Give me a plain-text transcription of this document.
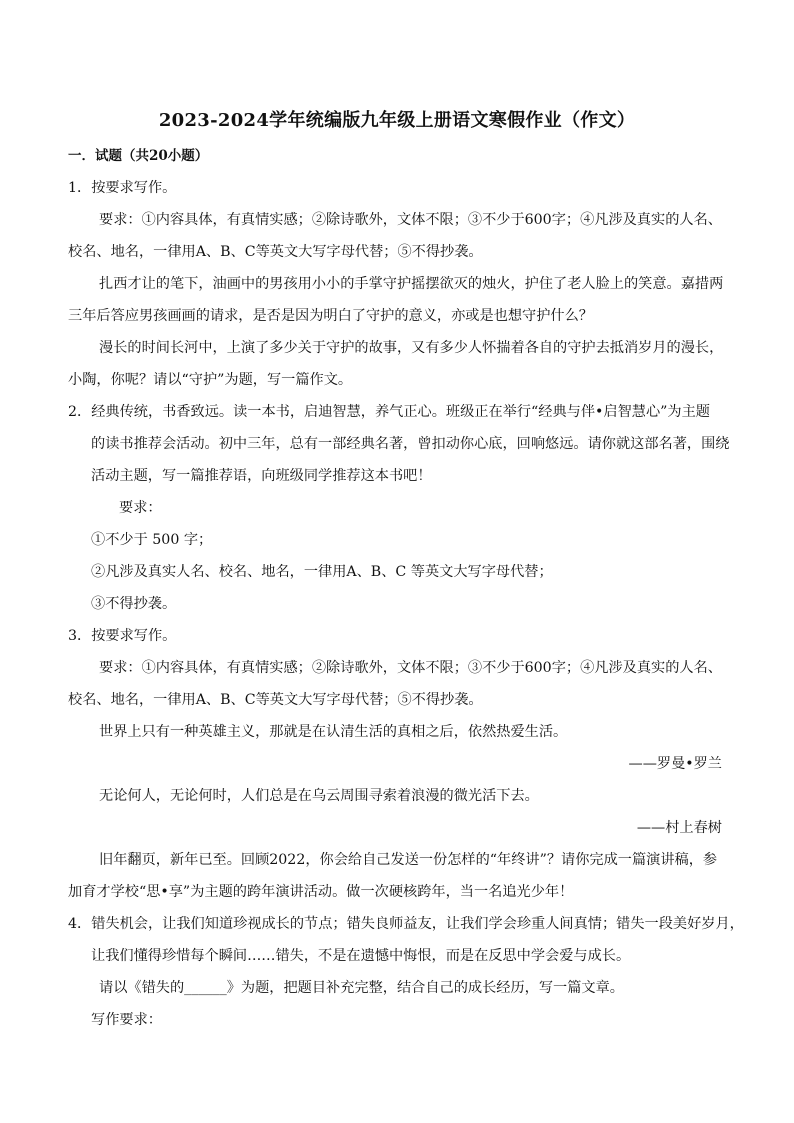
2023-2024学年统编版九年级上册语文寒假作业（作文）
一．试题（共20小题）
1．按要求写作。
要求：①内容具体，有真情实感；②除诗歌外，文体不限；③不少于600字；④凡涉及真实的人名、
校名、地名，一律用A、B、C等英文大写字母代替；⑤不得抄袭。
扎西才让的笔下，油画中的男孩用小小的手掌守护摇摆欲灭的烛火，护住了老人脸上的笑意。嘉措两
三年后答应男孩画画的请求，是否是因为明白了守护的意义，亦或是也想守护什么？
漫长的时间长河中，上演了多少关于守护的故事，又有多少人怀揣着各自的守护去抵消岁月的漫长，
小陶，你呢？请以“守护”为题，写一篇作文。
2．经典传统，书香致远。读一本书，启迪智慧，养气正心。班级正在举行“经典与伴•启智慧心”为主题
的读书推荐会活动。初中三年，总有一部经典名著，曾扣动你心底，回响悠远。请你就这部名著，围绕
活动主题，写一篇推荐语，向班级同学推荐这本书吧！
要求：
①不少于 500 字；
②凡涉及真实人名、校名、地名，一律用A、B、C 等英文大写字母代替；
③不得抄袭。
3．按要求写作。
要求：①内容具体，有真情实感；②除诗歌外，文体不限；③不少于600字；④凡涉及真实的人名、
校名、地名，一律用A、B、C等英文大写字母代替；⑤不得抄袭。
世界上只有一种英雄主义，那就是在认清生活的真相之后，依然热爱生活。
——罗曼•罗兰
无论何人，无论何时，人们总是在乌云周围寻索着浪漫的微光活下去。
——村上春树
旧年翻页，新年已至。回顾2022，你会给自己发送一份怎样的“年终讲”？请你完成一篇演讲稿，参
加育才学校“思•享”为主题的跨年演讲活动。做一次硬核跨年，当一名追光少年！
4．错失机会，让我们知道珍视成长的节点；错失良师益友，让我们学会珍重人间真情；错失一段美好岁月，
让我们懂得珍惜每个瞬间……错失，不是在遗憾中悔恨，而是在反思中学会爱与成长。
请以《错失的______》为题，把题目补充完整，结合自己的成长经历，写一篇文章。
写作要求：
